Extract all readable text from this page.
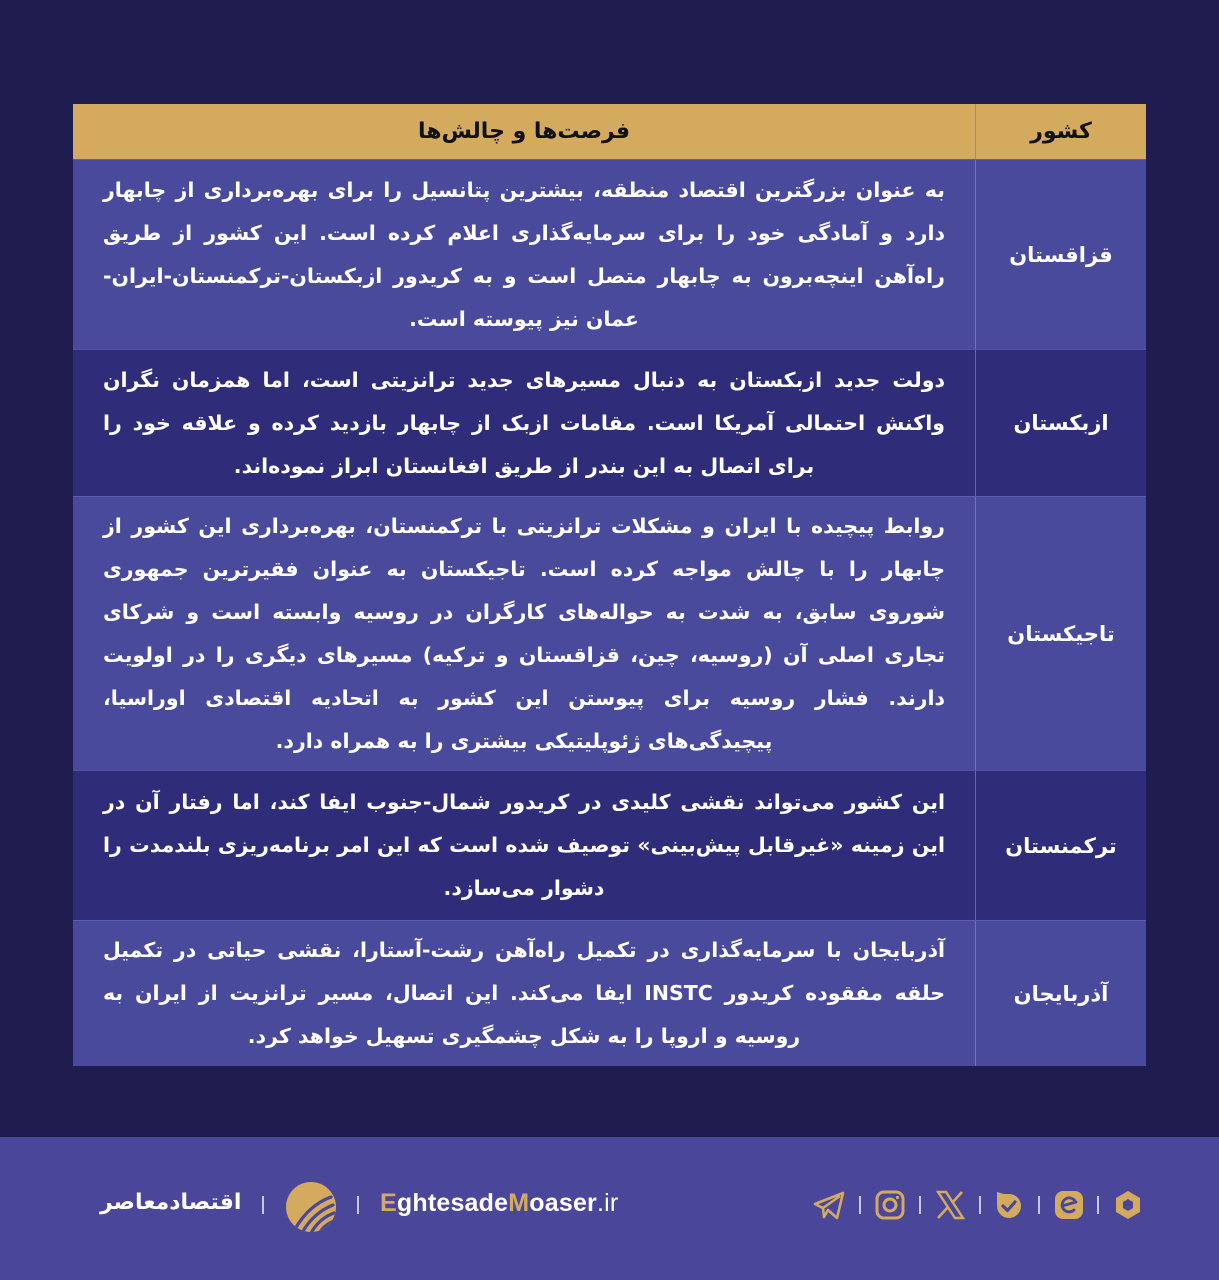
کشور
فرصت‌ها و چالش‌ها
قزاقستان

به عنوان بزرگترین اقتصاد منطقه، بیشترین پتانسیل را برای بهره‌برداری از چابهار دارد و آمادگی خود را برای سرمایه‌گذاری اعلام کرده است. این کشور از طریق راه‌آهن اینچه‌برون به چابهار متصل است و به کریدور ازبکستان-ترکمنستان-ایران-عمان نیز پیوسته است.

ازبکستان

دولت جدید ازبکستان به دنبال مسیرهای جدید ترانزیتی است، اما همزمان نگران واکنش احتمالی آمریکا است. مقامات ازبک از چابهار بازدید کرده و علاقه خود را برای اتصال به این بندر از طریق افغانستان ابراز نموده‌اند.

تاجیکستان

روابط پیچیده با ایران و مشکلات ترانزیتی با ترکمنستان، بهره‌برداری این کشور از چابهار را با چالش مواجه کرده است. تاجیکستان به عنوان فقیرترین جمهوری شوروی سابق، به شدت به حواله‌های کارگران در روسیه وابسته است و شرکای تجاری اصلی آن (روسیه، چین، قزاقستان و ترکیه) مسیرهای دیگری را در اولویت دارند. فشار روسیه برای پیوستن این کشور به اتحادیه اقتصادی اوراسیا، پیچیدگی‌های ژئوپلیتیکی بیشتری را به همراه دارد.

ترکمنستان

این کشور می‌تواند نقشی کلیدی در کریدور شمال-جنوب ایفا کند، اما رفتار آن در این زمینه «غیرقابل پیش‌بینی» توصیف شده است که این امر برنامه‌ریزی بلندمدت را دشوار می‌سازد.

آذربایجان

آذربایجان با سرمایه‌گذاری در تکمیل راه‌آهن رشت-آستارا، نقشی حیاتی در تکمیل حلقه مفقوده کریدور INSTC ایفا می‌کند. این اتصال، مسیر ترانزیت از ایران به روسیه و اروپا را به شکل چشمگیری تسهیل خواهد کرد.

اقتصادمعاصر	EghtesadeMoaser.ir
